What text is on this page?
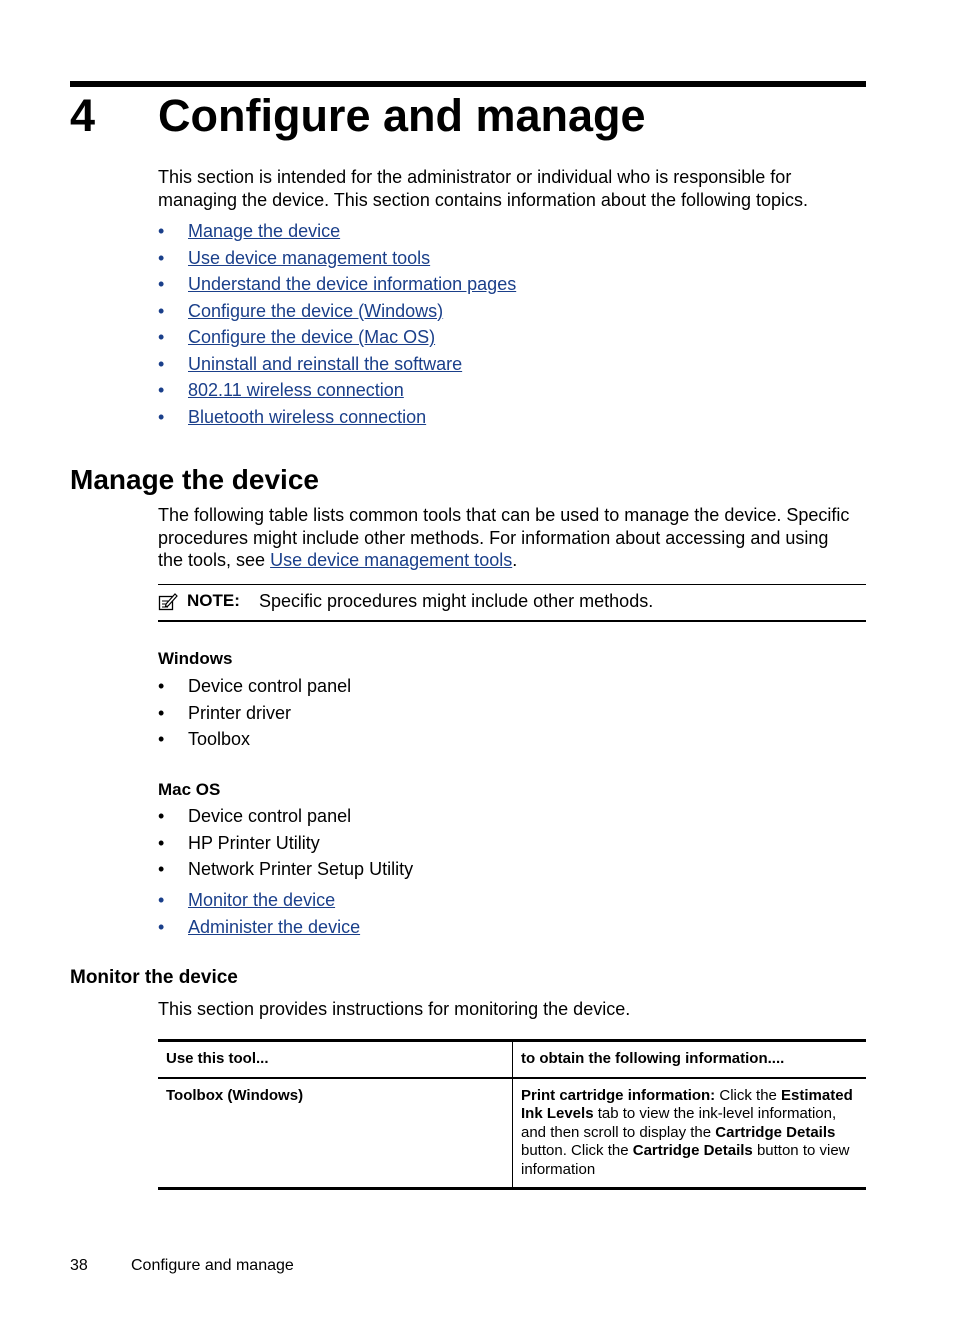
4 Configure and manage
This section is intended for the administrator or individual who is responsible for managing the device. This section contains information about the following topics.
• Manage the device
• Use device management tools
• Understand the device information pages
• Configure the device (Windows)
• Configure the device (Mac OS)
• Uninstall and reinstall the software
• 802.11 wireless connection
• Bluetooth wireless connection
Manage the device
The following table lists common tools that can be used to manage the device. Specific procedures might include other methods. For information about accessing and using the tools, see Use device management tools.
NOTE: Specific procedures might include other methods.
Windows
• Device control panel
• Printer driver
• Toolbox
Mac OS
• Device control panel
• HP Printer Utility
• Network Printer Setup Utility
• Monitor the device
• Administer the device
Monitor the device
This section provides instructions for monitoring the device.
Use this tool...	to obtain the following information....
Toolbox (Windows)	Print cartridge information: Click the Estimated Ink Levels tab to view the ink-level information, and then scroll to display the Cartridge Details button. Click the Cartridge Details button to view information
38	Configure and manage
